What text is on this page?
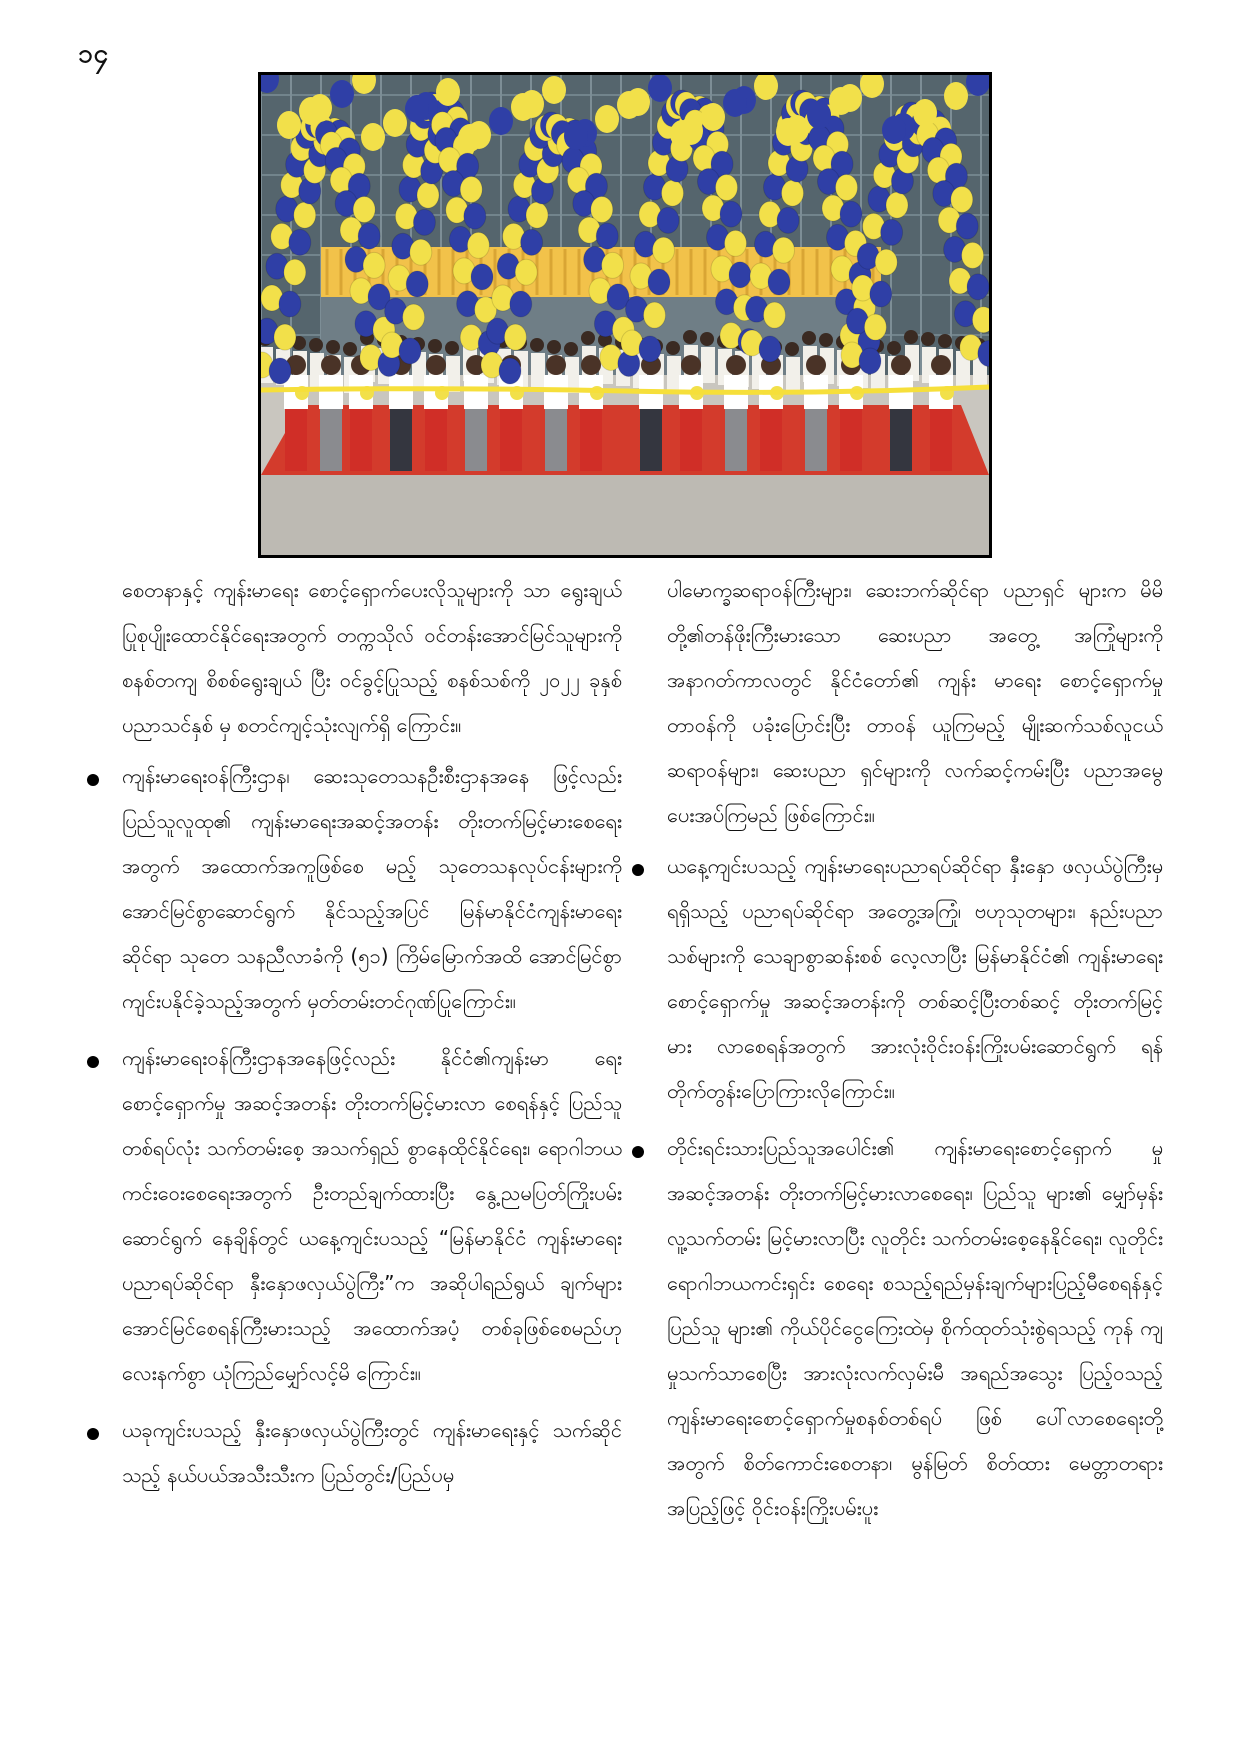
၁၄

စေတနာနှင့် ကျန်းမာရေး စောင့်ရှောက်ပေးလိုသူများကို သာ ရွေးချယ်ပြုစုပျိုးထောင်နိုင်ရေးအတွက် တက္ကသိုလ် ဝင်တန်းအောင်မြင်သူများကို စနစ်တကျ စိစစ်ရွေးချယ် ပြီး ဝင်ခွင့်ပြုသည့် စနစ်သစ်ကို ၂၀၂၂ ခုနှစ် ပညာသင်နှစ် မှ စတင်ကျင့်သုံးလျက်ရှိ ကြောင်း။

ကျန်းမာရေးဝန်ကြီးဌာန၊ ဆေးသုတေသနဦးစီးဌာနအနေ ဖြင့်လည်း ပြည်သူလူထု၏ ကျန်းမာရေးအဆင့်အတန်း တိုးတက်မြင့်မားစေရေးအတွက် အထောက်အကူဖြစ်စေ မည့် သုတေသနလုပ်ငန်းများကို အောင်မြင်စွာဆောင်ရွက် နိုင်သည့်အပြင် မြန်မာနိုင်ငံကျန်းမာရေးဆိုင်ရာ သုတေ သနညီလာခံကို (၅၁) ကြိမ်မြောက်အထိ အောင်မြင်စွာ ကျင်းပနိုင်ခဲ့သည့်အတွက် မှတ်တမ်းတင်ဂုဏ်ပြုကြောင်း။

ကျန်းမာရေးဝန်ကြီးဌာနအနေဖြင့်လည်း နိုင်ငံ၏ကျန်းမာ ရေးစောင့်ရှောက်မှု အဆင့်အတန်း တိုးတက်မြင့်မားလာ စေရန်နှင့် ပြည်သူတစ်ရပ်လုံး သက်တမ်းစေ့ အသက်ရှည် စွာနေထိုင်နိုင်ရေး၊ ရောဂါဘယကင်းဝေးစေရေးအတွက် ဦးတည်ချက်ထားပြီး နွေ့ညမပြတ်ကြိုးပမ်းဆောင်ရွက် နေချိန်တွင် ယနေ့ကျင်းပသည့် “မြန်မာနိုင်ငံ ကျန်းမာရေး ပညာရပ်ဆိုင်ရာ နှီးနှောဖလှယ်ပွဲကြီး”က အဆိုပါရည်ရွယ် ချက်များ အောင်မြင်စေရန်ကြီးမားသည့် အထောက်အပံ့ တစ်ခုဖြစ်စေမည်ဟု လေးနက်စွာ ယုံကြည်မျှော်လင့်မိ ကြောင်း။

ယခုကျင်းပသည့် နှီးနှောဖလှယ်ပွဲကြီးတွင် ကျန်းမာရေးနှင့် သက်ဆိုင်သည့် နယ်ပယ်အသီးသီးက ပြည်တွင်း/ပြည်ပမှ

ပါမောက္ခဆရာဝန်ကြီးများ၊ ဆေးဘက်ဆိုင်ရာ ပညာရှင် များက မိမိတို့၏တန်ဖိုးကြီးမားသော ဆေးပညာ အတွေ့ အကြုံများကို အနာဂတ်ကာလတွင် နိုင်ငံတော်၏ ကျန်း မာရေး စောင့်ရှောက်မှုတာဝန်ကို ပခုံးပြောင်းပြီး တာဝန် ယူကြမည့် မျိုးဆက်သစ်လူငယ်ဆရာဝန်များ၊ ဆေးပညာ ရှင်များကို လက်ဆင့်ကမ်းပြီး ပညာအမွေပေးအပ်ကြမည် ဖြစ်ကြောင်း။

ယနေ့ကျင်းပသည့် ကျန်းမာရေးပညာရပ်ဆိုင်ရာ နှီးနှော ဖလှယ်ပွဲကြီးမှရရှိသည့် ပညာရပ်ဆိုင်ရာ အတွေ့အကြုံ၊ ဗဟုသုတများ၊ နည်းပညာသစ်များကို သေချာစွာဆန်းစစ် လေ့လာပြီး မြန်မာနိုင်ငံ၏ ကျန်းမာရေးစောင့်ရှောက်မှု အဆင့်အတန်းကို တစ်ဆင့်ပြီးတစ်ဆင့် တိုးတက်မြင့်မား လာစေရန်အတွက် အားလုံးဝိုင်းဝန်းကြိုးပမ်းဆောင်ရွက် ရန် တိုက်တွန်းပြောကြားလိုကြောင်း။

တိုင်းရင်းသားပြည်သူအပေါင်း၏ ကျန်းမာရေးစောင့်ရှောက် မှုအဆင့်အတန်း တိုးတက်မြင့်မားလာစေရေး၊ ပြည်သူ များ၏ မျှော်မှန်းလူ့သက်တမ်း မြင့်မားလာပြီး လူတိုင်း သက်တမ်းစေ့နေနိုင်ရေး၊ လူတိုင်းရောဂါဘယကင်းရှင်း စေရေး စသည့်ရည်မှန်းချက်များပြည့်မီစေရန်နှင့် ပြည်သူ များ၏ ကိုယ်ပိုင်ငွေကြေးထဲမှ စိုက်ထုတ်သုံးစွဲရသည့် ကုန် ကျမှုသက်သာစေပြီး အားလုံးလက်လှမ်းမီ အရည်အသွေး ပြည့်ဝသည့် ကျန်းမာရေးစောင့်ရှောက်မှုစနစ်တစ်ရပ် ဖြစ် ပေါ်လာစေရေးတို့အတွက် စိတ်ကောင်းစေတနာ၊ မွန်မြတ် စိတ်ထား မေတ္တာတရားအပြည့်ဖြင့် ဝိုင်းဝန်းကြိုးပမ်းပူး
